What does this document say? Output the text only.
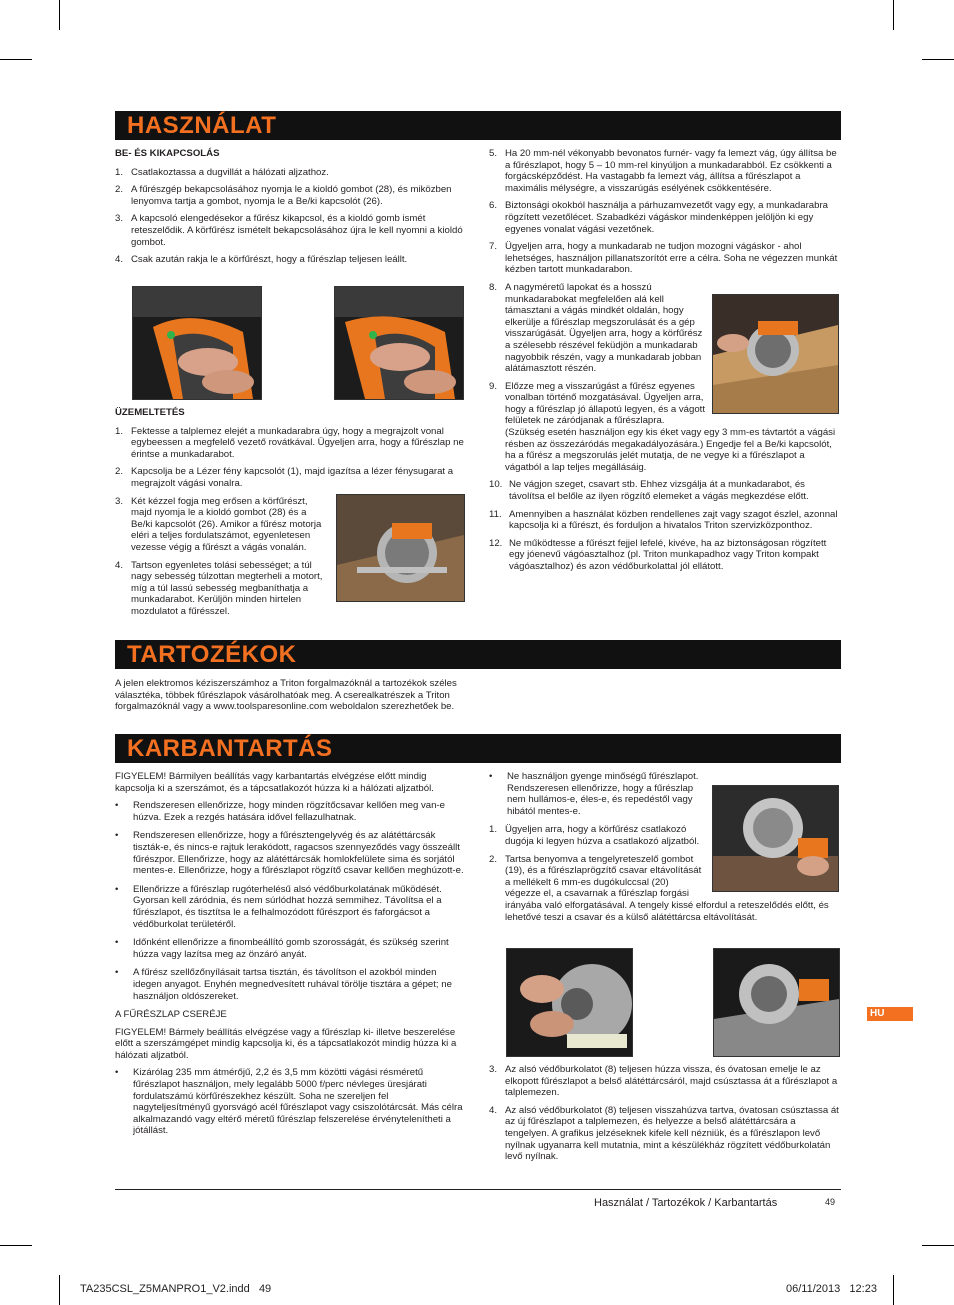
HASZNÁLAT
BE- ÉS KIKAPCSOLÁS
1. Csatlakoztassa a dugvillát a hálózati aljzathoz.
2. A fűrészgép bekapcsolásához nyomja le a kioldó gombot (28), és miközben lenyomva tartja a gombot, nyomja le a Be/ki kapcsolót (26).
3. A kapcsoló elengedésekor a fűrész kikapcsol, és a kioldó gomb ismét reteszelődik. A körfűrész ismételt bekapcsolásához újra le kell nyomni a kioldó gombot.
4. Csak azután rakja le a körfűrészt, hogy a fűrészlap teljesen leállt.
ÜZEMELTETÉS
1. Fektesse a talplemez elejét a munkadarabra úgy, hogy a megrajzolt vonal egybeessen a megfelelő vezető rovátkával. Ügyeljen arra, hogy a fűrészlap ne érintse a munkadarabot.
2. Kapcsolja be a Lézer fény kapcsolót (1), majd igazítsa a lézer fénysugarat a megrajzolt vágási vonalra.
3. Két kézzel fogja meg erősen a körfűrészt, majd nyomja le a kioldó gombot (28) és a Be/ki kapcsolót (26). Amikor a fűrész motorja eléri a teljes fordulatszámot, egyenletesen vezesse végig a fűrészt a vágás vonalán.
4. Tartson egyenletes tolási sebességet; a túl nagy sebesség túlzottan megterheli a motort, míg a túl lassú sebesség megbaníthatja a munkadarabot. Kerüljön minden hirtelen mozdulatot a fűrésszel.
5. Ha 20 mm-nél vékonyabb bevonatos furnér- vagy fa lemezt vág, úgy állítsa be a fűrészlapot, hogy 5 – 10 mm-rel kinyúljon a munkadarabból. Ez csökkenti a forgácsképződést. Ha vastagabb fa lemezt vág, állítsa a fűrészlapot a maximális mélységre, a visszarúgás esélyének csökkentésére.
6. Biztonsági okokból használja a párhuzamvezetőt vagy egy, a munkadarabra rögzített vezetőlécet. Szabadkézi vágáskor mindenképpen jelöljön ki egy egyenes vonalat vágási vezetőnek.
7. Ügyeljen arra, hogy a munkadarab ne tudjon mozogni vágáskor - ahol lehetséges, használjon pillanatszorítót erre a célra. Soha ne végezzen munkát kézben tartott munkadarabon.
8. A nagyméretű lapokat és a hosszú munkadarabokat megfelelően alá kell támasztani a vágás mindkét oldalán, hogy elkerülje a fűrészlap megszorulását és a gép visszarúgását. Ügyeljen arra, hogy a körfűrész a szélesebb részével feküdjön a munkadarab nagyobbik részén, vagy a munkadarab jobban alátámasztott részén.
9. Előzze meg a visszarúgást a fűrész egyenes vonalban történő mozgatásával. Ügyeljen arra, hogy a fűrészlap jó állapotú legyen, és a vágott felületek ne záródjanak a fűrészlapra. (Szükség esetén használjon egy kis éket vagy egy 3 mm-es távtartót a vágási résben az összezáródás megakadályozására.) Engedje fel a Be/ki kapcsolót, ha a fűrész a megszorulás jelét mutatja, de ne vegye ki a fűrészlapot a vágatból a lap teljes megállásáig.
10. Ne vágjon szeget, csavart stb. Ehhez vizsgálja át a munkadarabot, és távolítsa el belőle az ilyen rögzítő elemeket a vágás megkezdése előtt.
11. Amennyiben a használat közben rendellenes zajt vagy szagot észlel, azonnal kapcsolja ki a fűrészt, és forduljon a hivatalos Triton szervizközponthoz.
12. Ne működtesse a fűrészt fejjel lefelé, kivéve, ha az biztonságosan rögzített egy jóenevű vágóasztalhoz (pl. Triton munkapadhoz vagy Triton kompakt vágóasztalhoz) és azon védőburkolattal jól ellátott.
TARTOZÉKOK

A jelen elektromos kéziszerszámhoz a Triton forgalmazóknál a tartozékok széles választéka, többek fűrészlapok vásárolhatóak meg. A cserealkatrészek a Triton forgalmazóknál vagy a www.toolsparesonline.com weboldalon szerezhetőek be.

KARBANTARTÁS

FIGYELEM! Bármilyen beállítás vagy karbantartás elvégzése előtt mindig kapcsolja ki a szerszámot, és a tápcsatlakozót húzza ki a hálózati aljzatból.

• Rendszeresen ellenőrizze, hogy minden rögzítőcsavar kellően meg van-e húzva. Ezek a rezgés hatására idővel fellazulhatnak.
• Rendszeresen ellenőrizze, hogy a fűrésztengelyvég és az alátéttárcsák tiszták-e, és nincs-e rajtuk lerakódott, ragacsos szennyeződés vagy összeállt fűrészpor. Ellenőrizze, hogy az alátéttárcsák homlokfelülete sima és sorjától mentes-e. Ellenőrizze, hogy a fűrészlapot rögzítő csavar kellően meghúzott-e.
• Ellenőrizze a fűrészlap rugóterhelésű alsó védőburkolatának működését. Gyorsan kell záródnia, és nem súrlódhat hozzá semmihez. Távolítsa el a fűrészlapot, és tisztítsa le a felhalmozódott fűrészport és faforgácsot a védőburkolat területéről.
• Időnként ellenőrizze a finombeállító gomb szorosságát, és szükség szerint húzza vagy lazítsa meg az önzáró anyát.
• A fűrész szellőzőnyílásait tartsa tisztán, és távolítson el azokból minden idegen anyagot. Enyhén megnedvesített ruhával törölje tisztára a gépet; ne használjon oldószereket.

A FŰRÉSZLAP CSERÉJE

FIGYELEM! Bármely beállítás elvégzése vagy a fűrészlap ki- illetve beszerelése előtt a szerszámgépet mindig kapcsolja ki, és a tápcsatlakozót mindig húzza ki a hálózati aljzatból.

• Kizárólag 235 mm átmérőjű, 2,2 és 3,5 mm közötti vágási résméretű fűrészlapot használjon, mely legalább 5000 f/perc névleges üresjárati fordulatszámú körfűrészekhez készült. Soha ne szereljen fel nagyteljesítményű gyorsvágó acél fűrészlapot vagy csiszolótárcsát. Más célra alkalmazandó vagy eltérő méretű fűrészlap felszerelése érvénytelenítheti a jótállást.
• Ne használjon gyenge minőségű fűrészlapot. Rendszeresen ellenőrizze, hogy a fűrészlap nem hullámos-e, éles-e, és repedéstől vagy hibától mentes-e.
1. Ügyeljen arra, hogy a körfűrész csatlakozó dugója ki legyen húzva a csatlakozó aljzatból.
2. Tartsa benyomva a tengelyreteszelő gombot (19), és a fűrészlaprögzítő csavar eltávolítását a mellékelt 6 mm-es dugókulccsal (20) végezze el, a csavarnak a fűrészlap forgási irányába való elforgatásával. A tengely kissé elfordul a reteszelődés előtt, és lehetővé teszi a csavar és a külső alátéttárcsa eltávolítását.
3. Az alsó védőburkolatot (8) teljesen húzza vissza, és óvatosan emelje le az elkopott fűrészlapot a belső alátéttárcsáról, majd csúsztassa át a fűrészlapot a talplemezen.
4. Az alsó védőburkolatot (8) teljesen visszahúzva tartva, óvatosan csúsztassa át az új fűrészlapot a talplemezen, és helyezze a belső alátéttárcsára a tengelyen. A grafikus jelzéseknek kifele kell nézniük, és a fűrészlapon levő nyílnak ugyanarra kell mutatnia, mint a készülékház rögzített védőburkolatán levő nyílnak.
HU
Használat / Tartozékok / Karbantartás	49
TA235CSL_Z5MANPRO1_V2.indd   49	06/11/2013   12:23
